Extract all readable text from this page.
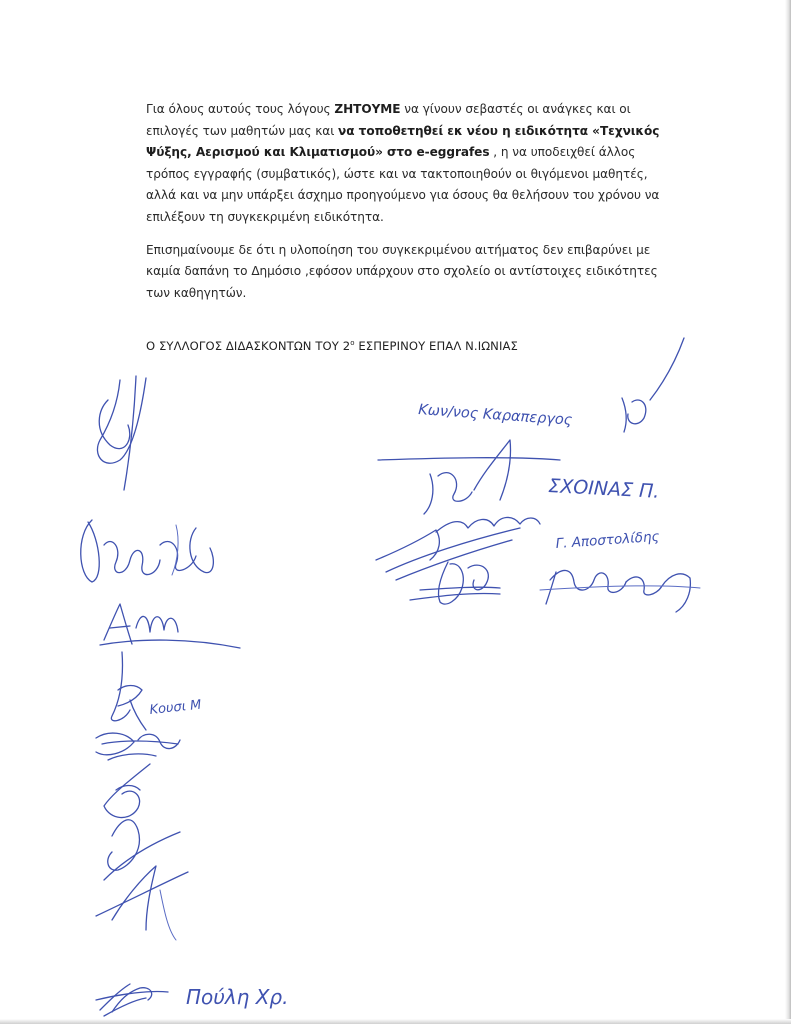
Για όλους αυτούς τους λόγους ΖΗΤΟΥΜΕ να γίνουν σεβαστές οι ανάγκες και οι επιλογές των μαθητών μας και να τοποθετηθεί εκ νέου η ειδικότητα «Τεχνικός Ψύξης, Αερισμού και Κλιματισμού» στο e-eggrafes , η να υποδειχθεί άλλος τρόπος εγγραφής (συμβατικός), ώστε και να τακτοποιηθούν οι θιγόμενοι μαθητές, αλλά και να μην υπάρξει άσχημο προηγούμενο για όσους θα θελήσουν του χρόνου να επιλέξουν τη συγκεκριμένη ειδικότητα.

Επισημαίνουμε δε ότι η υλοποίηση του συγκεκριμένου αιτήματος δεν επιβαρύνει με καμία δαπάνη το Δημόσιο ,εφόσον υπάρχουν στο σχολείο οι αντίστοιχες ειδικότητες των καθηγητών.

Ο ΣΥΛΛΟΓΟΣ ΔΙΔΑΣΚΟΝΤΩΝ ΤΟΥ $2^o$ ΕΣΠΕΡΙΝΟΥ ΕΠΑΛ Ν.ΙΩΝΙΑΣ
Κων/νος Καραπεργος
ΣΧΟΙΝΑΣ Π.
Γ. Αποστολίδης
Κουσι Μ
Πούλη Χρ.
